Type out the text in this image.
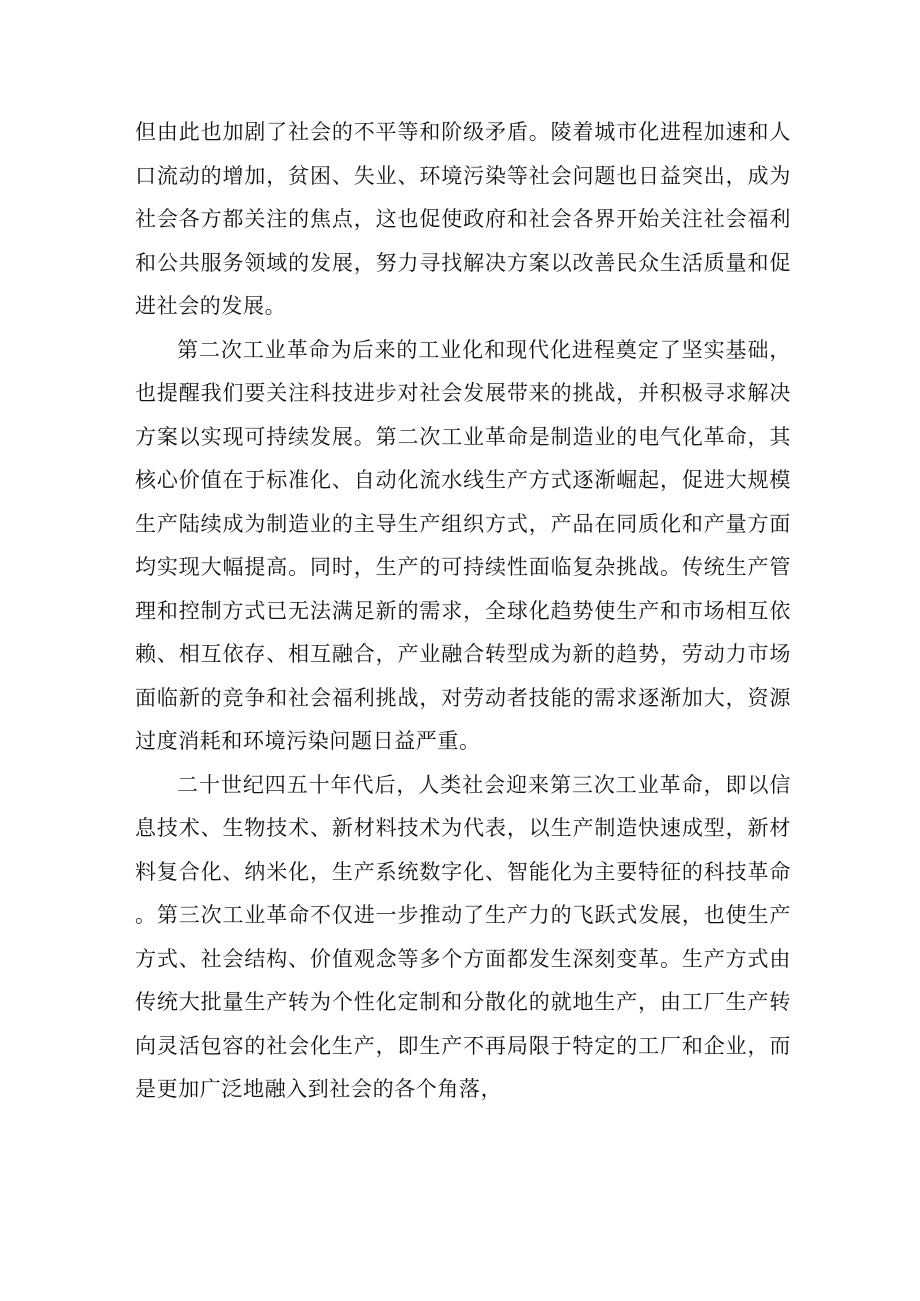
但由此也加剧了社会的不平等和阶级矛盾。陵着城市化进程加速和人口流动的增加，贫困、失业、环境污染等社会问题也日益突出，成为社会各方都关注的焦点，这也促使政府和社会各界开始关注社会福利和公共服务领域的发展，努力寻找解决方案以改善民众生活质量和促进社会的发展。

第二次工业革命为后来的工业化和现代化进程奠定了坚实基础，也提醒我们要关注科技进步对社会发展带来的挑战，并积极寻求解决方案以实现可持续发展。第二次工业革命是制造业的电气化革命，其核心价值在于标准化、自动化流水线生产方式逐渐崛起，促进大规模生产陆续成为制造业的主导生产组织方式，产品在同质化和产量方面均实现大幅提高。同时，生产的可持续性面临复杂挑战。传统生产管理和控制方式已无法满足新的需求，全球化趋势使生产和市场相互依赖、相互依存、相互融合，产业融合转型成为新的趋势，劳动力市场面临新的竞争和社会福利挑战，对劳动者技能的需求逐渐加大，资源过度消耗和环境污染问题日益严重。

二十世纪四五十年代后，人类社会迎来第三次工业革命，即以信息技术、生物技术、新材料技术为代表，以生产制造快速成型，新材料复合化、纳米化，生产系统数字化、智能化为主要特征的科技革命。第三次工业革命不仅进一步推动了生产力的飞跃式发展，也使生产方式、社会结构、价值观念等多个方面都发生深刻变革。生产方式由传统大批量生产转为个性化定制和分散化的就地生产，由工厂生产转向灵活包容的社会化生产，即生产不再局限于特定的工厂和企业，而是更加广泛地融入到社会的各个角落，
